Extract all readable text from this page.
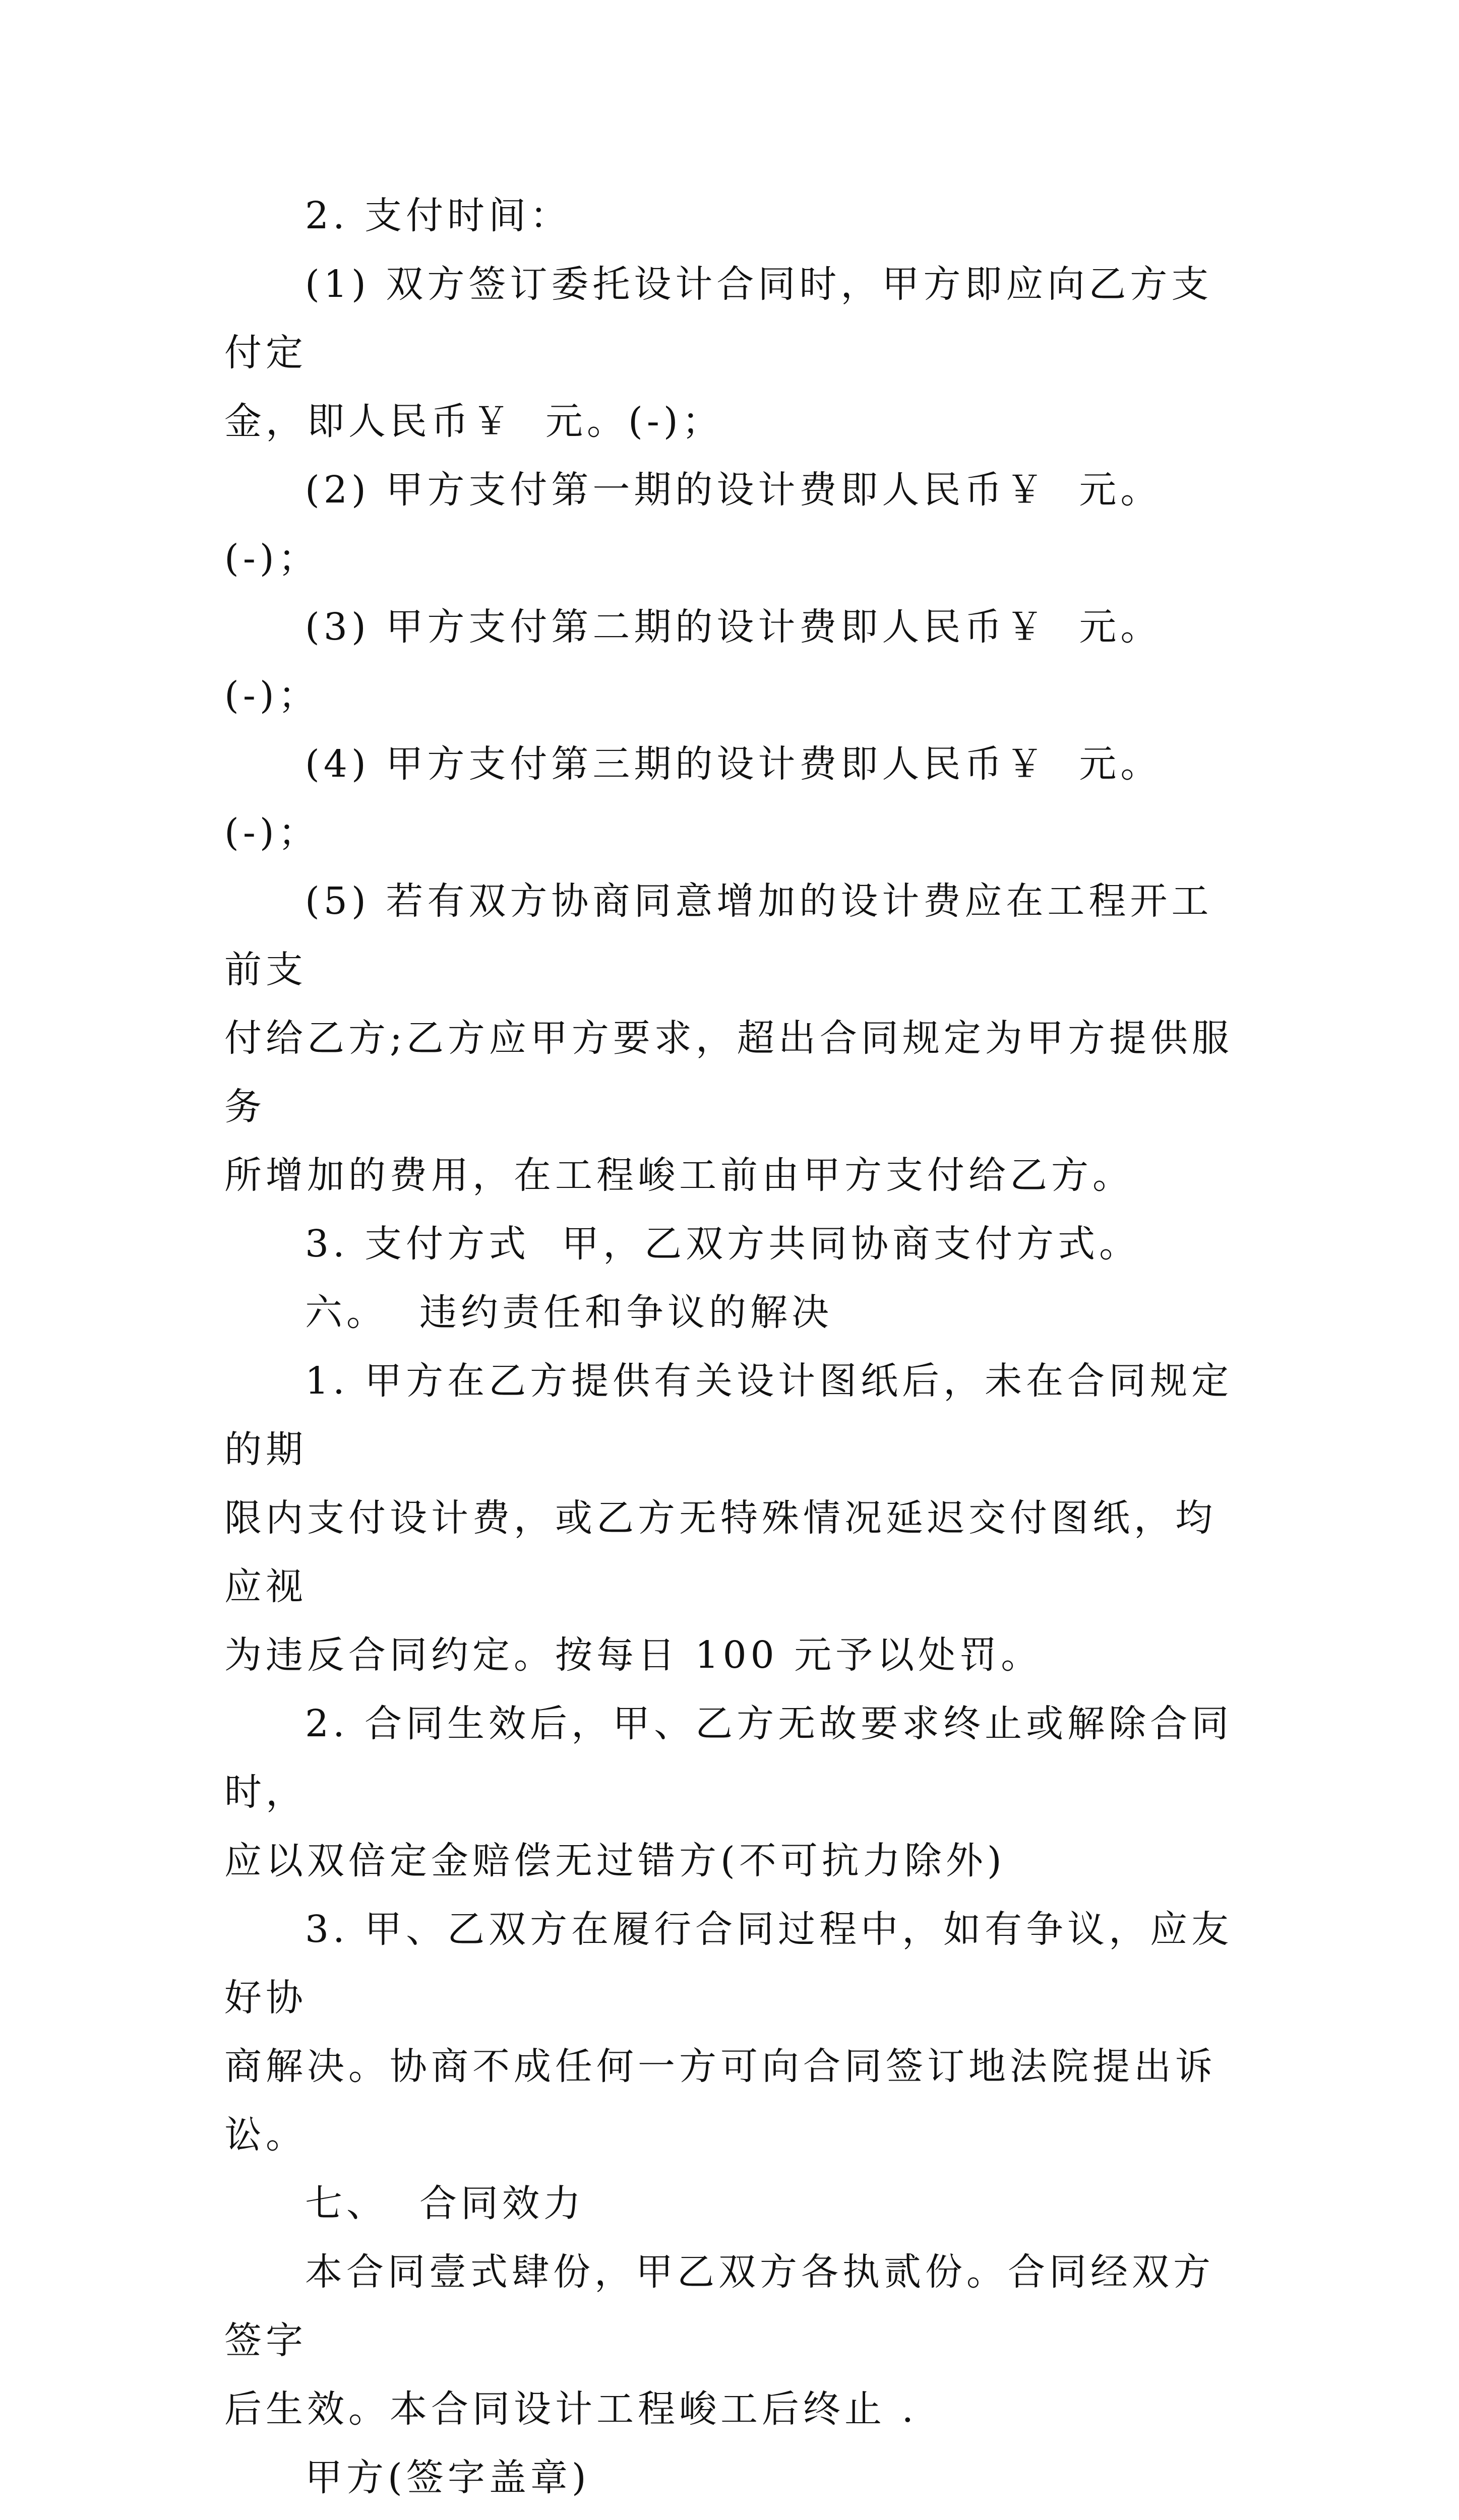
2. 支付时间：

(1) 双方签订委托设计合同时，甲方即应向乙方支付定

金，即人民币￥  元。(-)；

(2) 甲方支付第一期的设计费即人民币￥  元。(-)；

(3) 甲方支付第二期的设计费即人民币￥  元。(-)；

(4) 甲方支付第三期的设计费即人民币￥  元。(-)；

(5) 若有双方协商同意增加的设计费应在工程开工前支

付给乙方;乙方应甲方要求，超出合同规定为甲方提供服务

所增加的费用，在工程峻工前由甲方支付给乙方。

3. 支付方式  甲，乙双方共同协商支付方式。

六。  违约责任和争议的解决

1. 甲方在乙方提供有关设计图纸后，未在合同规定的期

限内支付设计费，或乙方无特殊情况延迟交付图纸，均应视

为违反合同约定。按每日 100 元予以处罚。

2. 合同生效后，甲、乙方无故要求终止或解除合同时，

应以双倍定金赔偿无过错方(不可抗力除外)

3. 甲、乙双方在履行合同过程中，如有争议，应友好协

商解决。协商不成任何一方可向合同签订地法院提出诉讼。

七、  合同效力

本合同壹式肆份，甲乙双方各执贰份。合同经双方签字

后生效。本合同设计工程峻工后终止 .

甲方(签字盖章)
